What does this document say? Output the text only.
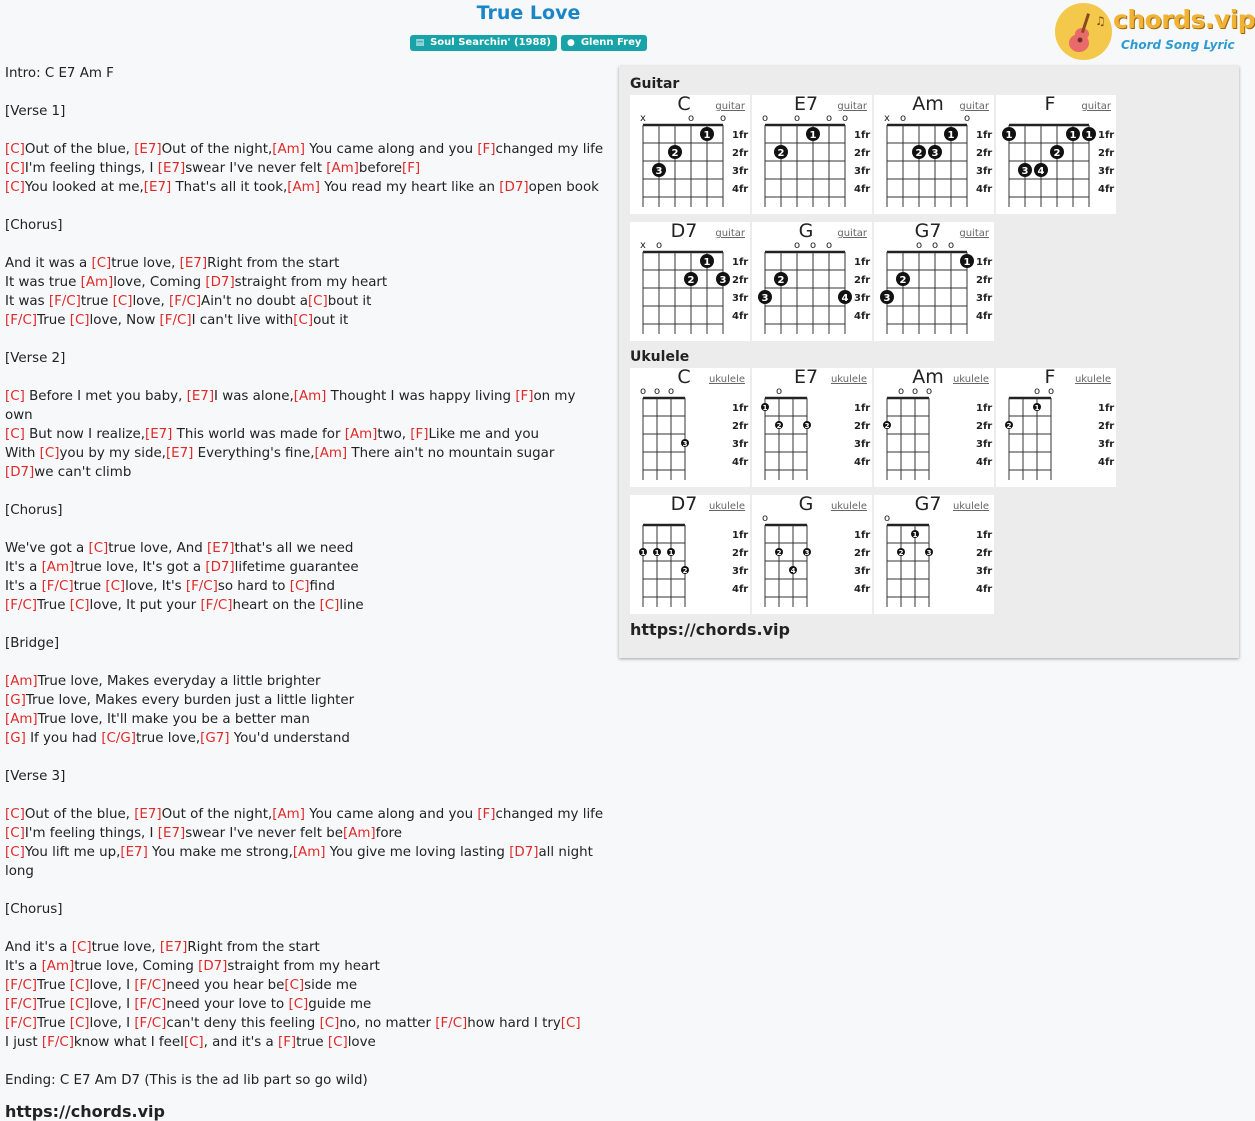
True Love
▤ Soul Searchin' (1988) ● Glenn Frey
♫ chords.vip
Chord Song Lyric
Intro: C E7 Am F
[Verse 1]
[C]Out of the blue, [E7]Out of the night,[Am] You came along and you [F]changed my life
[C]I'm feeling things, I [E7]swear I've never felt [Am]before[F]
[C]You looked at me,[E7] That's all it took,[Am] You read my heart like an [D7]open book
[Chorus]
And it was a [C]true love, [E7]Right from the start
It was true [Am]love, Coming [D7]straight from my heart
It was [F/C]true [C]love, [F/C]Ain't no doubt a[C]bout it
[F/C]True [C]love, Now [F/C]I can't live with[C]out it
[Verse 2]
[C] Before I met you baby, [E7]I was alone,[Am] Thought I was happy living [F]on my own
[C] But now I realize,[E7] This world was made for [Am]two, [F]Like me and you
With [C]you by my side,[E7] Everything's fine,[Am] There ain't no mountain sugar [D7]we can't climb
[Chorus]
We've got a [C]true love, And [E7]that's all we need
It's a [Am]true love, It's got a [D7]lifetime guarantee
It's a [F/C]true [C]love, It's [F/C]so hard to [C]find
[F/C]True [C]love, It put your [F/C]heart on the [C]line
[Bridge]
[Am]True love, Makes everyday a little brighter
[G]True love, Makes every burden just a little lighter
[Am]True love, It'll make you be a better man
[G] If you had [C/G]true love,[G7] You'd understand
[Verse 3]
[C]Out of the blue, [E7]Out of the night,[Am] You came along and you [F]changed my life
[C]I'm feeling things, I [E7]swear I've never felt be[Am]fore
[C]You lift me up,[E7] You make me strong,[Am] You give me loving lasting [D7]all night long
[Chorus]
And it's a [C]true love, [E7]Right from the start
It's a [Am]true love, Coming [D7]straight from my heart
[F/C]True [C]love, I [F/C]need you hear be[C]side me
[F/C]True [C]love, I [F/C]need your love to [C]guide me
[F/C]True [C]love, I [F/C]can't deny this feeling [C]no, no matter [F/C]how hard I try[C]
I just [F/C]know what I feel[C], and it's a [F]true [C]love
Ending: C E7 Am D7 (This is the ad lib part so go wild)
https://chords.vip
Guitar
Ukulele
x	o	o
1fr
2fr
3fr
4fr
1
2
3
C	guitar
o	o	o o
1fr
2fr
3fr
4fr
1
2
E7	guitar
x o	o
1fr
2fr
3fr
4fr
1
2 3
Am	guitar
1fr
2fr
3fr
4fr
1	1 1
2
3 4
F	guitar
x o
1fr
2fr
3fr
4fr
1
2	3
D7	guitar
o o o
1fr
2fr
3fr
4fr
2
3	4
G	guitar
o o o
1fr
2fr
3fr
4fr
1
2
3
G7	guitar
o o o
1fr
2fr
3fr
4fr
3
C	ukulele
o
1fr
2fr
3fr
4fr
1
2	3
E7	ukulele
o o o
1fr
2fr
3fr
4fr
2
Am ukulele
o o
1fr
2fr
3fr
4fr
2
1
F	ukulele
1fr
2fr
3fr
4fr
1 1 1
2
D7	ukulele
o
1fr
2fr
3fr
4fr
2	3
4
G	ukulele
o
1fr
2fr
3fr
4fr
1
2	3
G7	ukulele
https://chords.vip
